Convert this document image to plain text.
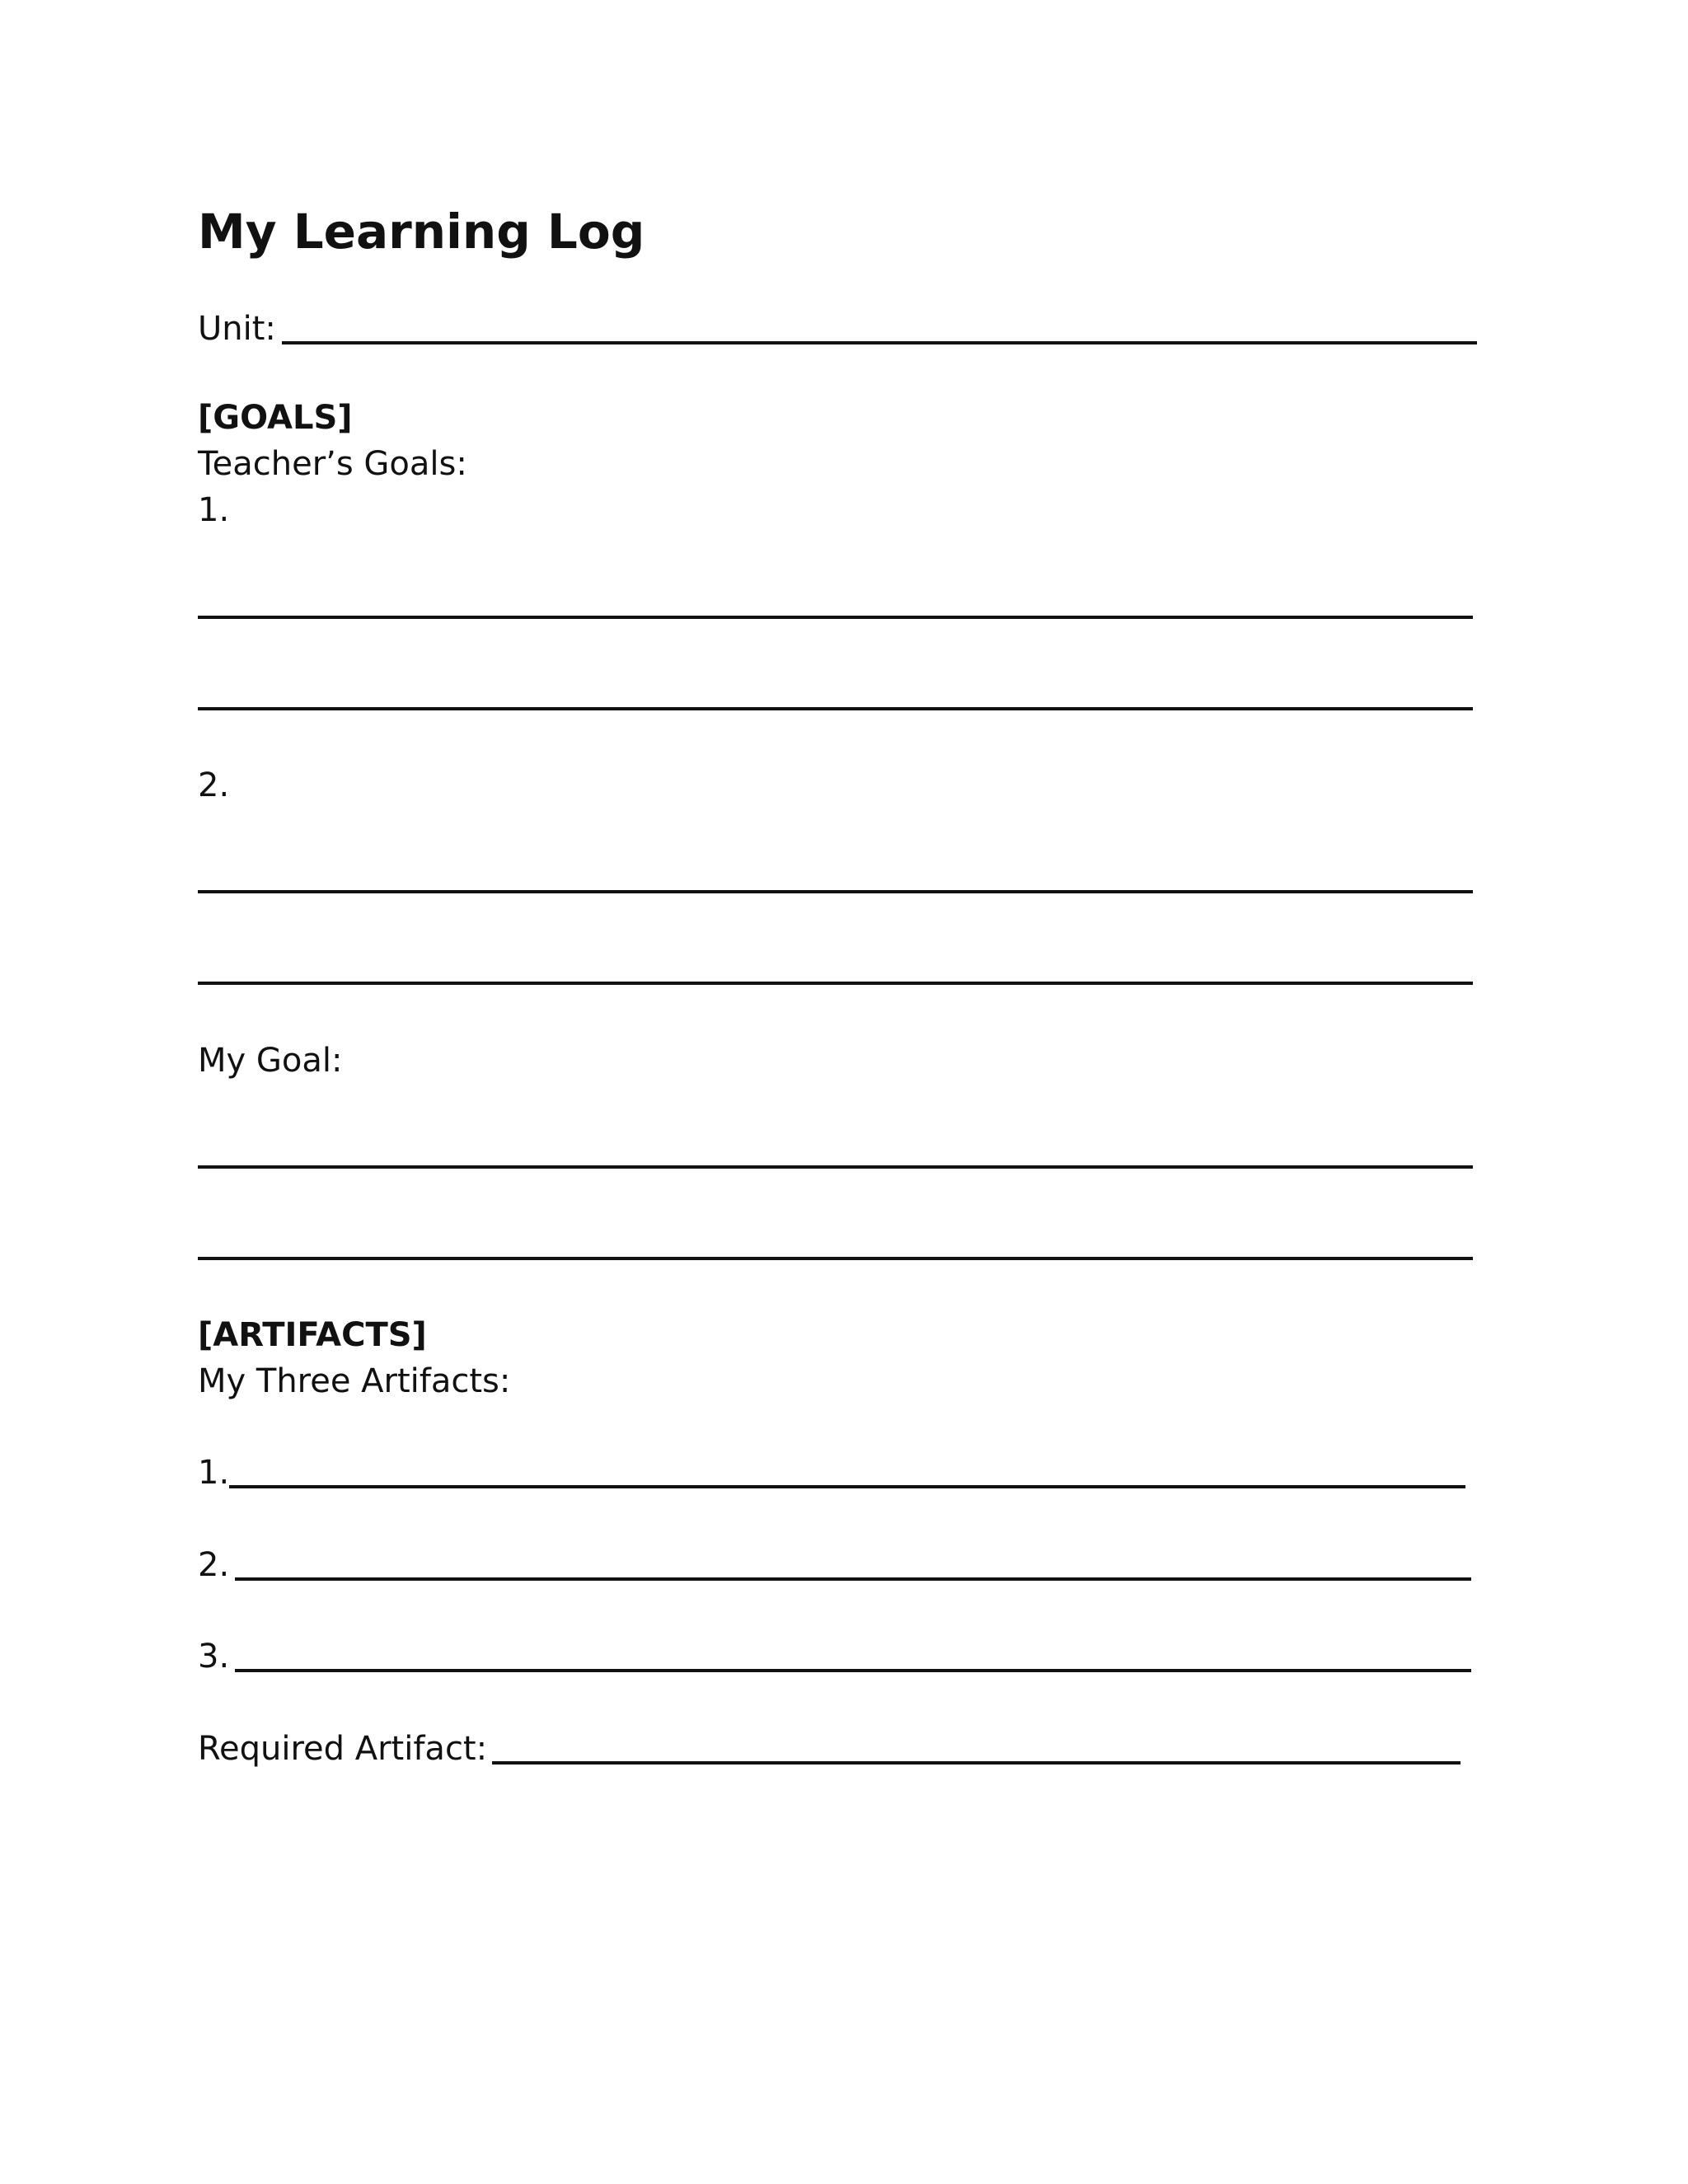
My Learning Log
Unit:
[GOALS]
Teacher’s Goals:
1.
2.
My Goal:
[ARTIFACTS]
My Three Artifacts:
1.
2.
3.
Required Artifact:
